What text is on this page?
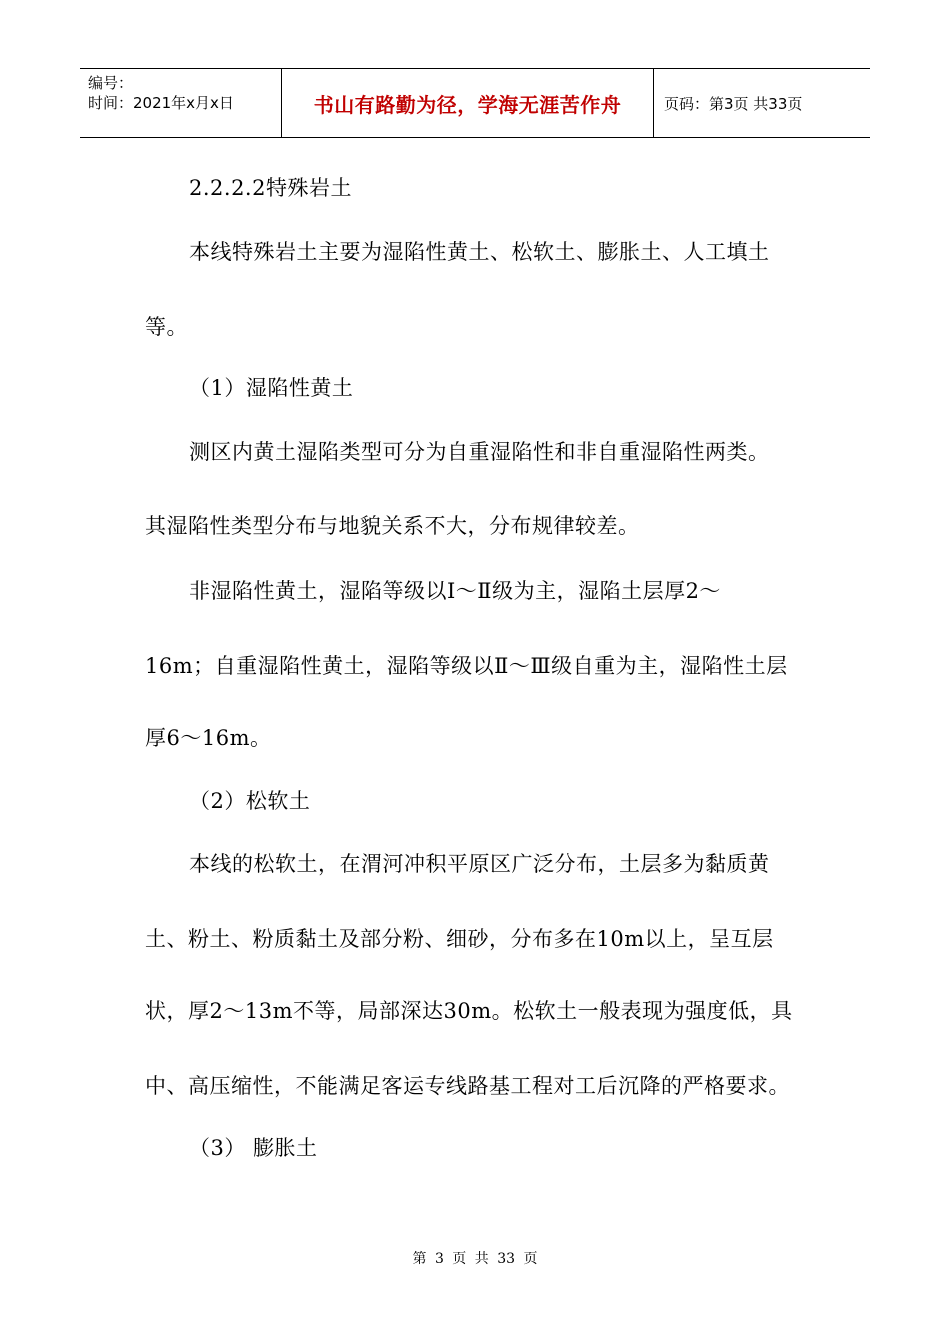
编号：
时间：2021年x月x日	书山有路勤为径，学海无涯苦作舟	页码：第3页 共33页
2.2.2.2特殊岩土
本线特殊岩土主要为湿陷性黄土、松软土、膨胀土、人工填土
等。
（1）湿陷性黄土
测区内黄土湿陷类型可分为自重湿陷性和非自重湿陷性两类。
其湿陷性类型分布与地貌关系不大，分布规律较差。
非湿陷性黄土，湿陷等级以Ⅰ～Ⅱ级为主，湿陷土层厚2～
16m；自重湿陷性黄土，湿陷等级以Ⅱ～Ⅲ级自重为主，湿陷性土层
厚6～16m。
（2）松软土
本线的松软土，在渭河冲积平原区广泛分布，土层多为黏质黄
土、粉土、粉质黏土及部分粉、细砂，分布多在10m以上，呈互层
状，厚2～13m不等，局部深达30m。松软土一般表现为强度低，具
中、高压缩性，不能满足客运专线路基工程对工后沉降的严格要求。
（3） 膨胀土
第 3 页 共 33 页
